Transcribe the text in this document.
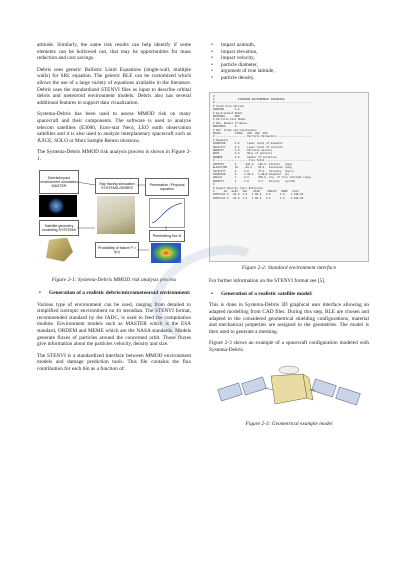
attitude. Similarly, the same risk results can help identify if some elements can be hollowed out, that may be opportunities for mass reduction and cost savings.

Debris uses generic Ballistic Limit Equations (single-wall, multiple walls) for SRL equation. The generic BLE can be customized which allows the use of a large variety of equations available in the literature. Debris uses the standardized STENVI files as input to describe orbital debris and meteoroid environment models. Debris also has several additional features to support data visualization.

Systema-Debris has been used to assess MMOD risk on many spacecraft and their components. The software is used to analyze telecom satellites (E3000, Euro-star Neo), LEO earth observation satellites and it is also used to analyze interplanetary spacecraft such as JUICE, SOLO or Mars Sample Return missions.

The Systema-Debris MMOD risk analysis process is shown in Figure 2-1.

Debris/Impact environment simulation MASTER
Satellite geometry modelling SYSTEMA
Ray tracing simulation SYSTEMA-DEBRIS
Penetration / Physical equation
Penetrating flux N
Probability of failure P = f(n)
Figure 2-1: Systema-Debris MMOD risk analysis process
• Generation of a realistic debris/micrometeoroid environment:

Various type of environment can be used, ranging from detailed to simplified isotropic environment on 4π steradian. The STENVI format, recommended standard by the IADC, is used to feed the computation module. Environment models such as MASTER which is the ESA standard, ORDEM and MEME which are the NASA standards. Models generate fluxes of particles around the concerned orbit. Those fluxes give information about the particles velocity, density and size.

The STENVI is a standardized interface between MMOD environment models and damage prediction tools. This file contains the flux contribution for each bin as a function of:

• impact azimuth,
• impact elevation,
• impact velocity,
• particle diameter,
• argument of true latitude,
• particle density.
#
#               STANDARD ENVIRONMENT INTERFACE
# ---------------------------------------------------------------
# Input File Version
VERSION       2.0
# Environment Model
ENVMODEL      MEM
# Particle Flux Model
# Max. Number of Bases
NRECORDS      2
# Ref. Frame and Coordinates
SPACE         FIXED   000  000  000
# ------------------- Particle Parameters ---------------------
# Diameter
DIAMETER      0.0     Lower limit of diameter
VELOCITY      0.0     Lower limit of velocity
DENSITY       0.0     Particle density
MASS          0.0     Mass of particle
NUMBER        0.0     Number of particles
# -------------------- Flux Table -----------------------------
AZIMUTH       0     -180.0   180.0  Azimuth   (deg)
ELEVATION     18    -90.0    90.0   Elevation (deg)
VELOCITY      0     0.0      75.0   Velocity  (km/s)
DIAMETER      0     1.0E-6   1.0E+1 Diameter  (m)
ARGLAT        1     0.0      360.0  Arg. of true latitude (deg)
DENSITY       1     1.0      3.0    Density   (g/cm3)
#
# Impact Results (nbr) Reference
#      AZ   ELEV   VEL    DIAM     ARGLAT   DENS   FLUX
PARTFLUX 0  -90.0  1.0   1.0E-6   0.0      1.0    1.23E-05
PARTFLUX 0  -80.0  1.0   1.0E-6   0.0      1.0    2.01E-05
Figure 2-2: Standard environment interface

For further information on the STENVI format see [5].

• Generation of a realistic satellite model:

This is done in Systema-Debris 3D graphical user interface allowing an adapted modelling from CAD files. During this step, BLE are chosen and adapted to the considered geometrical shielding configurations, material and mechanical properties are assigned to the geometries. The model is then used to generate a meshing.

Figure 2-3 shows an example of a spacecraft configuration modeled with Systema-Debris.

Figure 2-3: Geometrical example model
